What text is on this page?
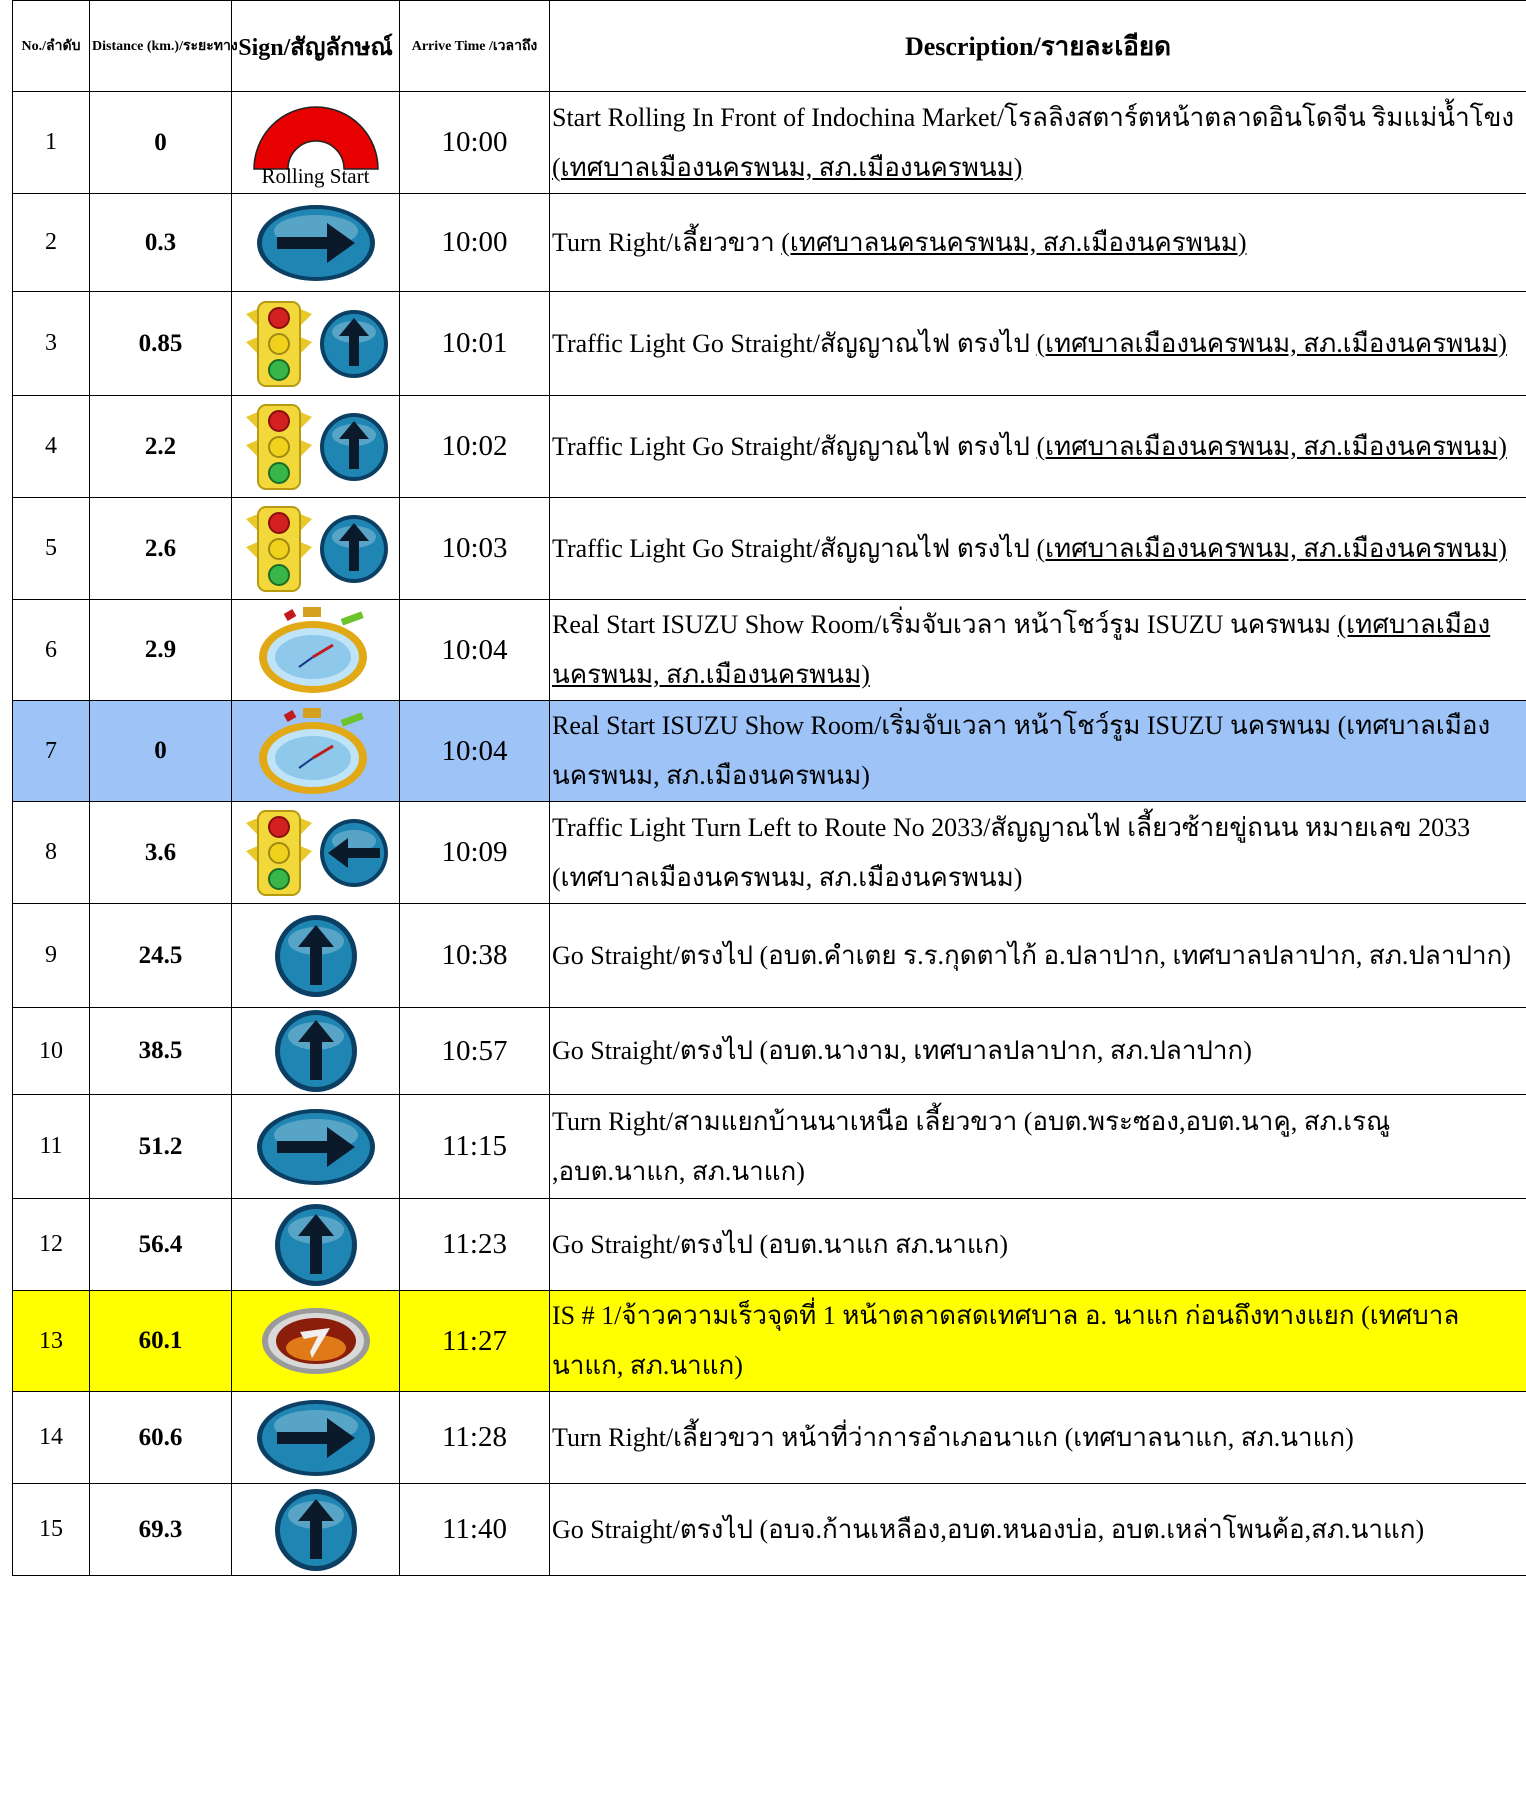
No./ลำดับ	Distance (km.)/ระยะทาง	Sign/สัญลักษณ์	Arrive Time /เวลาถึง	Description/รายละเอียด
1	0	Rolling Start	10:00	Start Rolling In Front of Indochina Market/โรลลิงสตาร์ตหน้าตลาดอินโดจีน ริมแม่น้ำโขง (เทศบาลเมืองนครพนม, สภ.เมืองนครพนม)
2	0.3		10:00	Turn Right/เลี้ยวขวา (เทศบาลนครนครพนม, สภ.เมืองนครพนม)
3	0.85		10:01	Traffic Light Go Straight/สัญญาณไฟ ตรงไป (เทศบาลเมืองนครพนม, สภ.เมืองนครพนม)
4	2.2		10:02	Traffic Light Go Straight/สัญญาณไฟ ตรงไป (เทศบาลเมืองนครพนม, สภ.เมืองนครพนม)
5	2.6		10:03	Traffic Light Go Straight/สัญญาณไฟ ตรงไป (เทศบาลเมืองนครพนม, สภ.เมืองนครพนม)
6	2.9		10:04	Real Start ISUZU Show Room/เริ่มจับเวลา หน้าโชว์รูม ISUZU นครพนม (เทศบาลเมืองนครพนม, สภ.เมืองนครพนม)
7	0		10:04	Real Start ISUZU Show Room/เริ่มจับเวลา หน้าโชว์รูม ISUZU นครพนม (เทศบาลเมืองนครพนม, สภ.เมืองนครพนม)
8	3.6		10:09	Traffic Light Turn Left to Route No 2033/สัญญาณไฟ เลี้ยวซ้ายขู่ถนน หมายเลข 2033 (เทศบาลเมืองนครพนม, สภ.เมืองนครพนม)
9	24.5		10:38	Go Straight/ตรงไป (อบต.คำเตย ร.ร.กุดตาไก้ อ.ปลาปาก, เทศบาลปลาปาก, สภ.ปลาปาก)
10	38.5		10:57	Go Straight/ตรงไป (อบต.นางาม, เทศบาลปลาปาก, สภ.ปลาปาก)
11	51.2		11:15	Turn Right/สามแยกบ้านนาเหนือ เลี้ยวขวา (อบต.พระซอง,อบต.นาคู, สภ.เรณู ,อบต.นาแก, สภ.นาแก)
12	56.4		11:23	Go Straight/ตรงไป (อบต.นาแก สภ.นาแก)
13	60.1		11:27	IS # 1/จ้าวความเร็วจุดที่ 1 หน้าตลาดสดเทศบาล อ. นาแก ก่อนถึงทางแยก (เทศบาลนาแก, สภ.นาแก)
14	60.6		11:28	Turn Right/เลี้ยวขวา หน้าที่ว่าการอำเภอนาแก (เทศบาลนาแก, สภ.นาแก)
15	69.3		11:40	Go Straight/ตรงไป (อบจ.ก้านเหลือง,อบต.หนองบ่อ, อบต.เหล่าโพนค้อ,สภ.นาแก)
